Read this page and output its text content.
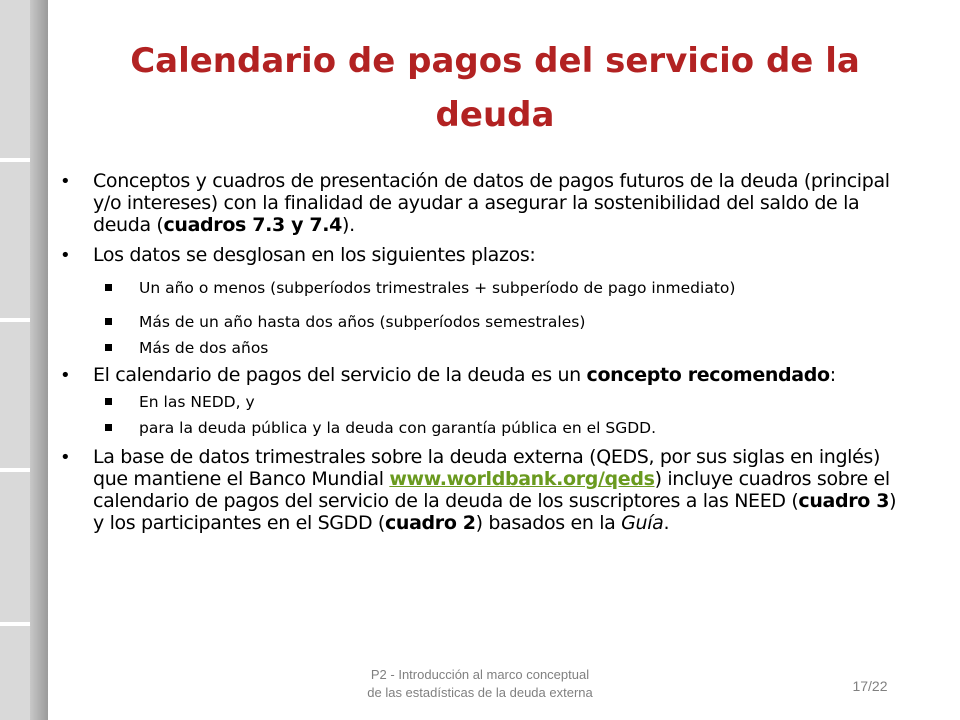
Calendario de pagos del servicio de la
deuda
• Conceptos y cuadros de presentación de datos de pagos futuros de la deuda (principal y/o intereses) con la finalidad de ayudar a asegurar la sostenibilidad del saldo de la deuda (cuadros 7.3 y 7.4).
• Los datos se desglosan en los siguientes plazos:
Un año o menos (subperíodos trimestrales + subperíodo de pago inmediato)
Más de un año hasta dos años (subperíodos semestrales)
Más de dos años
• El calendario de pagos del servicio de la deuda es un concepto recomendado:
En las NEDD, y
para la deuda pública y la deuda con garantía pública en el SGDD.
• La base de datos trimestrales sobre la deuda externa (QEDS, por sus siglas en inglés) que mantiene el Banco Mundial www.worldbank.org/qeds) incluye cuadros sobre el calendario de pagos del servicio de la deuda de los suscriptores a las NEED (cuadro 3) y los participantes en el SGDD (cuadro 2) basados en la Guía.
P2 - Introducción al marco conceptual
de las estadísticas de la deuda externa	17/22
